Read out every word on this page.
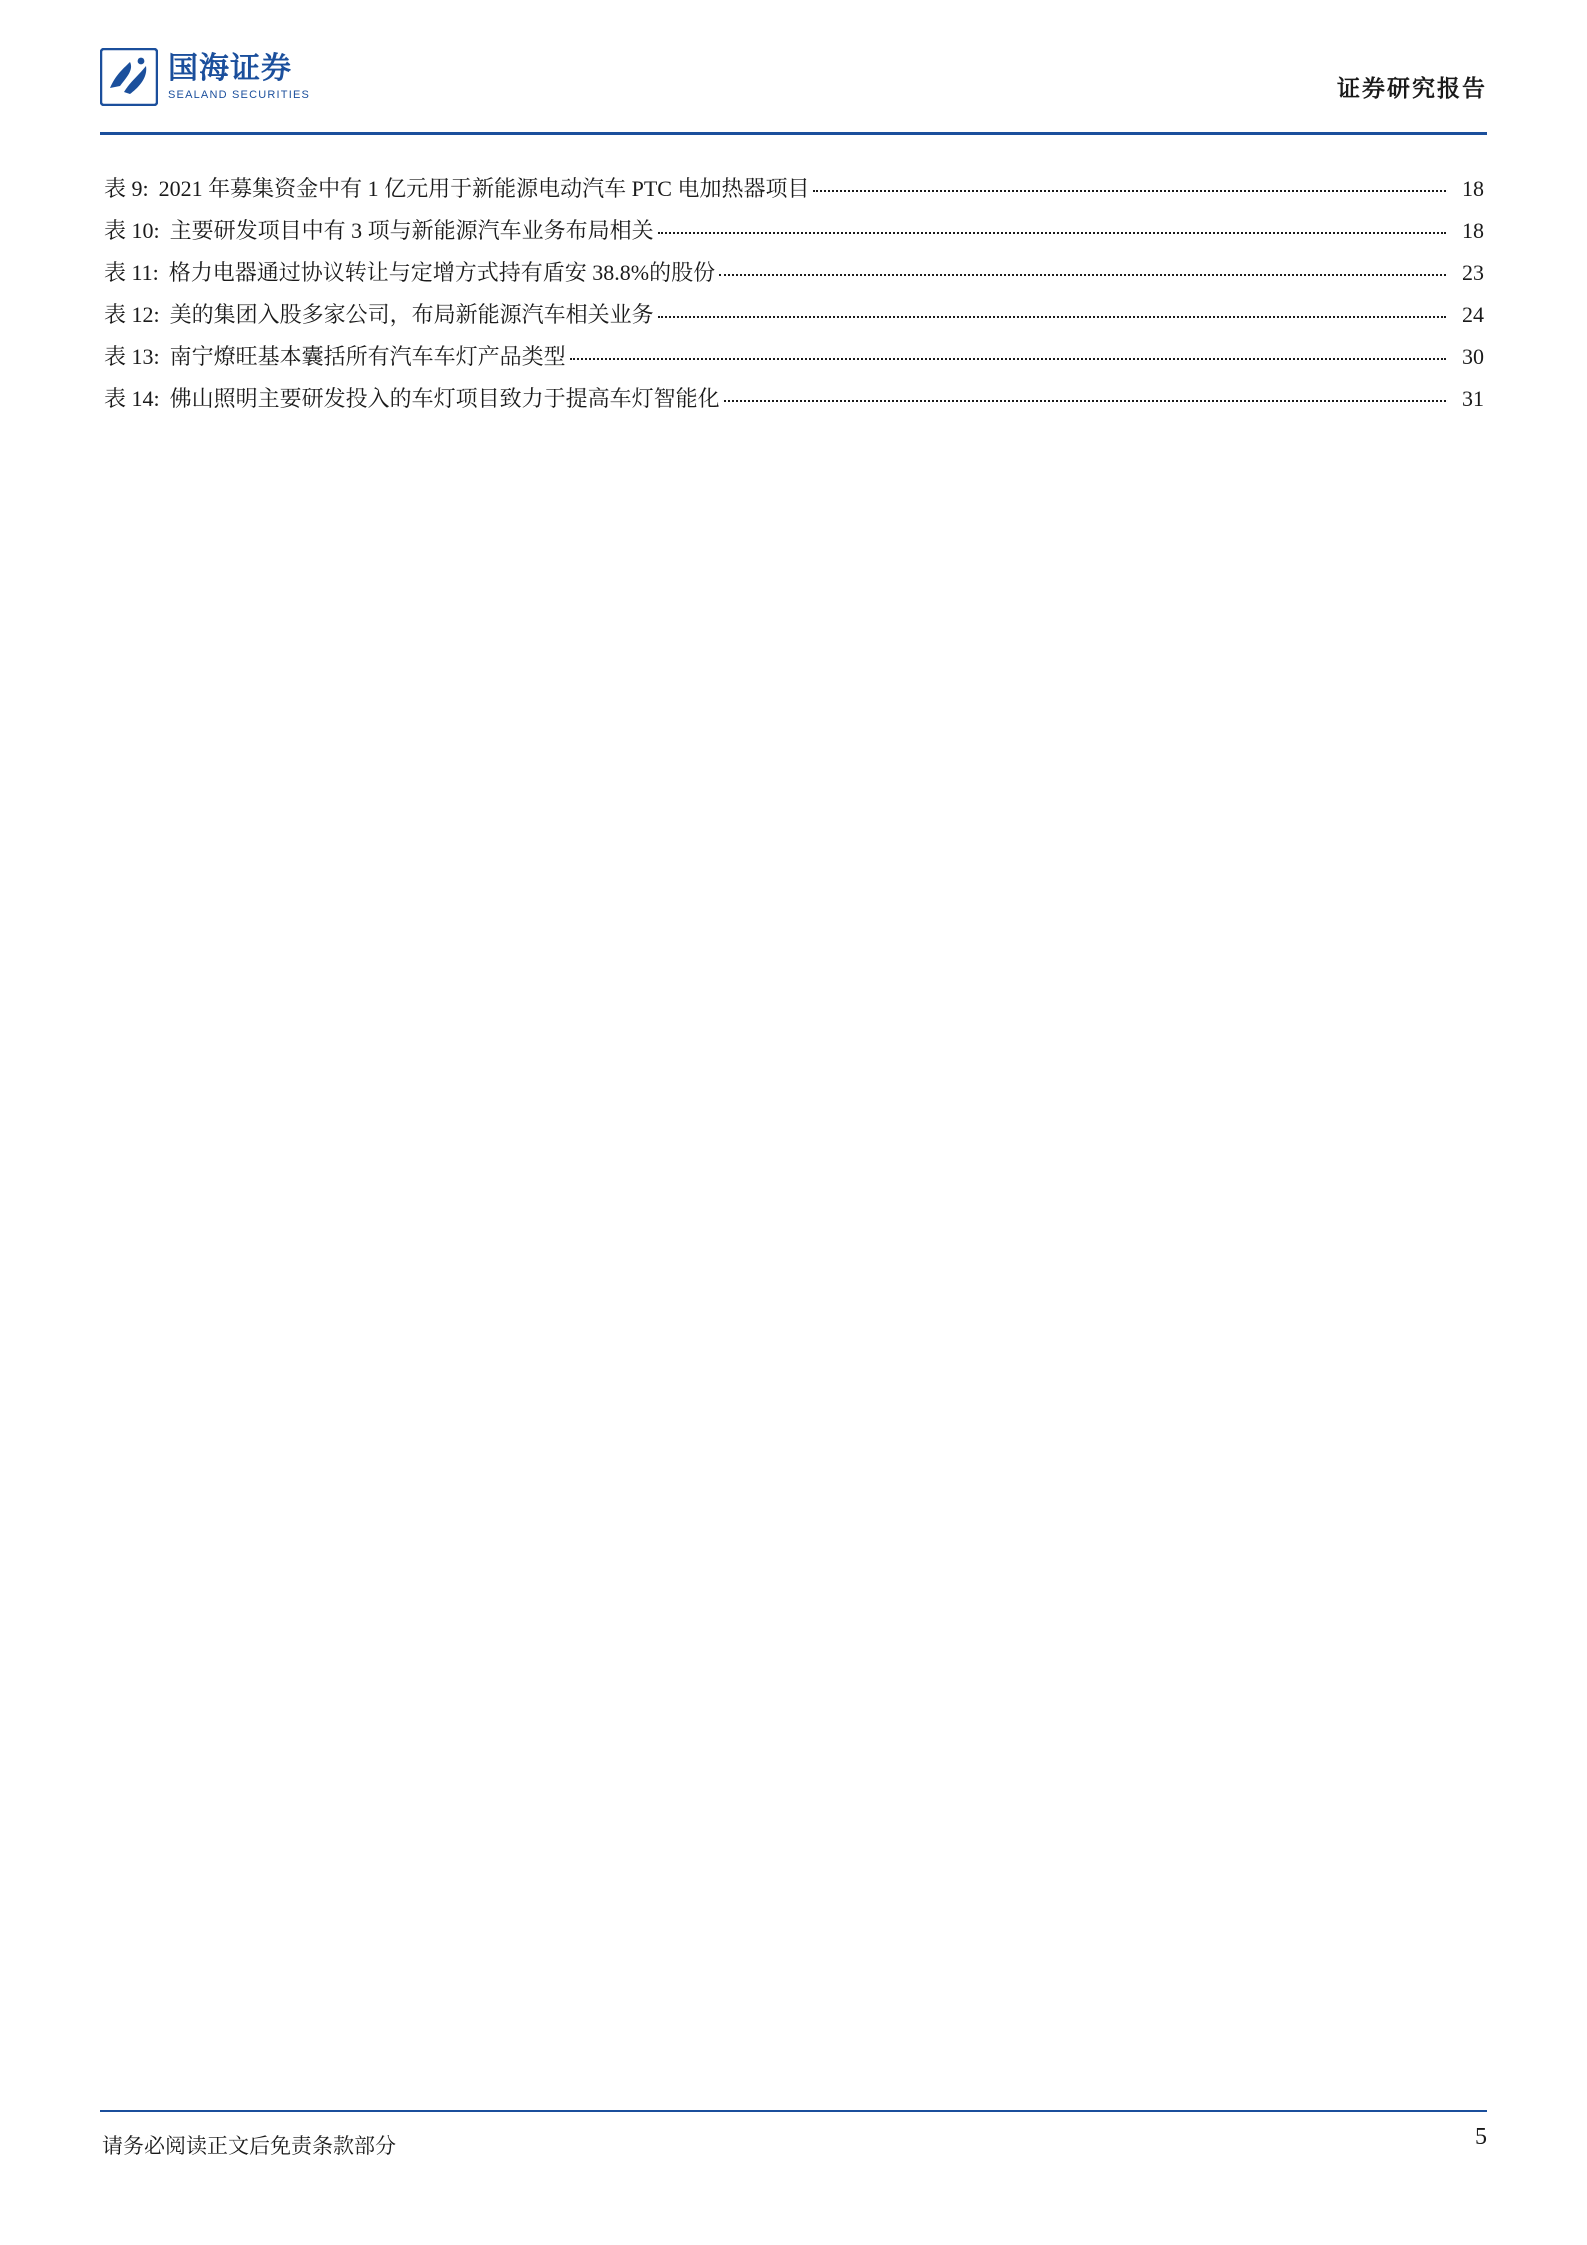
国海证券
SEALAND SECURITIES	证券研究报告
表 9: 2021 年募集资金中有 1 亿元用于新能源电动汽车 PTC 电加热器项目	18
表 10: 主要研发项目中有 3 项与新能源汽车业务布局相关	18
表 11: 格力电器通过协议转让与定增方式持有盾安 38.8%的股份	23
表 12: 美的集团入股多家公司，布局新能源汽车相关业务	24
表 13: 南宁燎旺基本囊括所有汽车车灯产品类型	30
表 14: 佛山照明主要研发投入的车灯项目致力于提高车灯智能化	31
请务必阅读正文后免责条款部分	5
